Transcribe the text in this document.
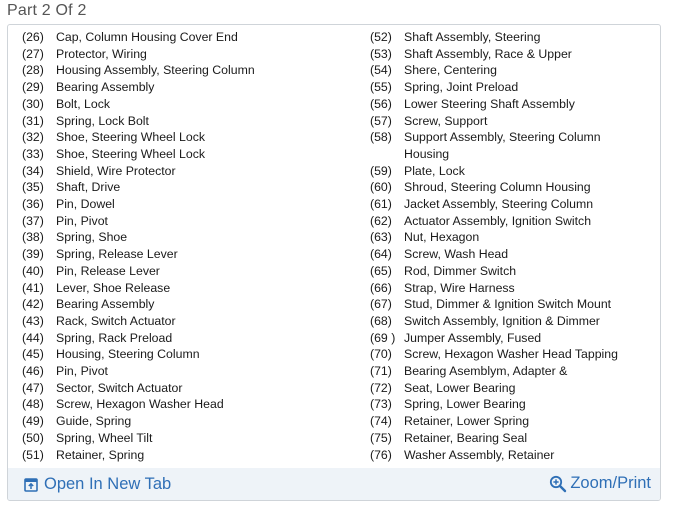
Part 2 Of 2
(26) Cap, Column Housing Cover End
(27) Protector, Wiring
(28) Housing Assembly, Steering Column
(29) Bearing Assembly
(30) Bolt, Lock
(31) Spring, Lock Bolt
(32) Shoe, Steering Wheel Lock
(33) Shoe, Steering Wheel Lock
(34) Shield, Wire Protector
(35) Shaft, Drive
(36) Pin, Dowel
(37) Pin, Pivot
(38) Spring, Shoe
(39) Spring, Release Lever
(40) Pin, Release Lever
(41) Lever, Shoe Release
(42) Bearing Assembly
(43) Rack, Switch Actuator
(44) Spring, Rack Preload
(45) Housing, Steering Column
(46) Pin, Pivot
(47) Sector, Switch Actuator
(48) Screw, Hexagon Washer Head
(49) Guide, Spring
(50) Spring, Wheel Tilt
(51) Retainer, Spring
(52) Shaft Assembly, Steering
(53) Shaft Assembly, Race & Upper
(54) Shere, Centering
(55) Spring, Joint Preload
(56) Lower Steering Shaft Assembly
(57) Screw, Support
(58) Support Assembly, Steering Column Housing
(59) Plate, Lock
(60) Shroud, Steering Column Housing
(61) Jacket Assembly, Steering Column
(62) Actuator Assembly, Ignition Switch
(63) Nut, Hexagon
(64) Screw, Wash Head
(65) Rod, Dimmer Switch
(66) Strap, Wire Harness
(67) Stud, Dimmer & Ignition Switch Mount
(68) Switch Assembly, Ignition & Dimmer
(69 ) Jumper Assembly, Fused
(70) Screw, Hexagon Washer Head Tapping
(71) Bearing Asemblym, Adapter &
(72) Seat, Lower Bearing
(73) Spring, Lower Bearing
(74) Retainer, Lower Spring
(75) Retainer, Bearing Seal
(76) Washer Assembly, Retainer
Open In New Tab	Zoom/Print
